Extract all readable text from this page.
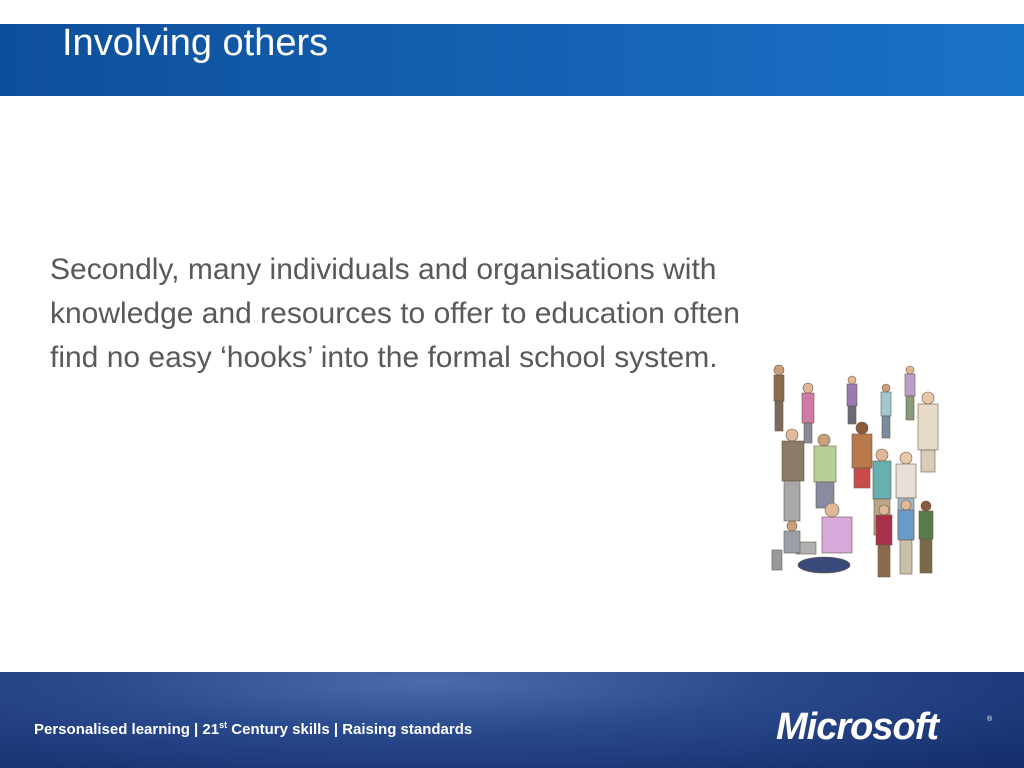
Involving others

Secondly, many individuals and organisations with knowledge and resources to offer to education often find no easy ‘hooks’ into the formal school system.

Personalised learning | 21st Century skills | Raising standards	Microsoft	®
